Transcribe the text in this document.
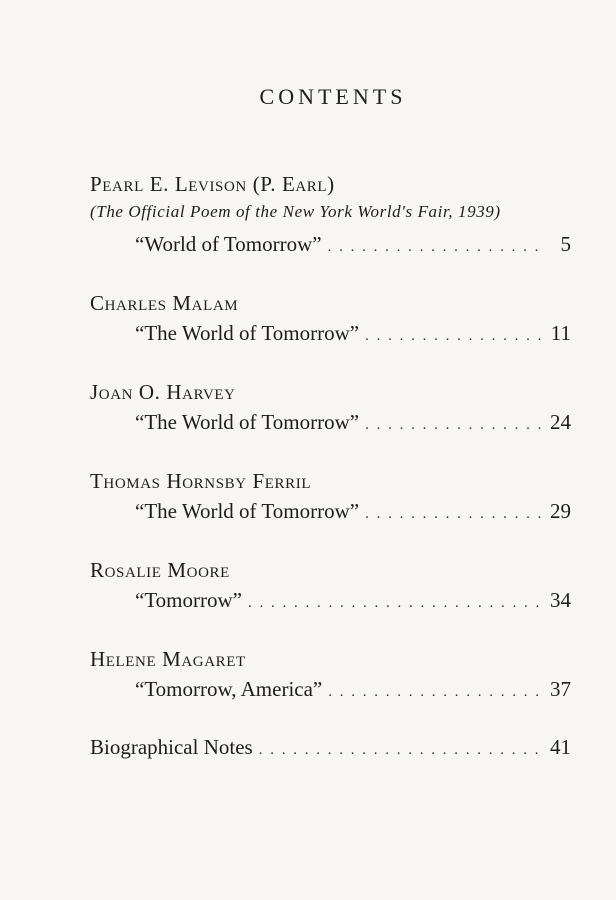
CONTENTS
Pearl E. Levison (P. Earl)
(The Official Poem of the New York World's Fair, 1939)
“World of Tomorrow” . . .	5
Charles Malam
“The World of Tomorrow” . . .	11
Joan O. Harvey
“The World of Tomorrow” . . .	24
Thomas Hornsby Ferril
“The World of Tomorrow” . . .	29
Rosalie Moore
“Tomorrow” . . .	34
Helene Magaret
“Tomorrow, America” . . .	37
Biographical Notes . . .	41
